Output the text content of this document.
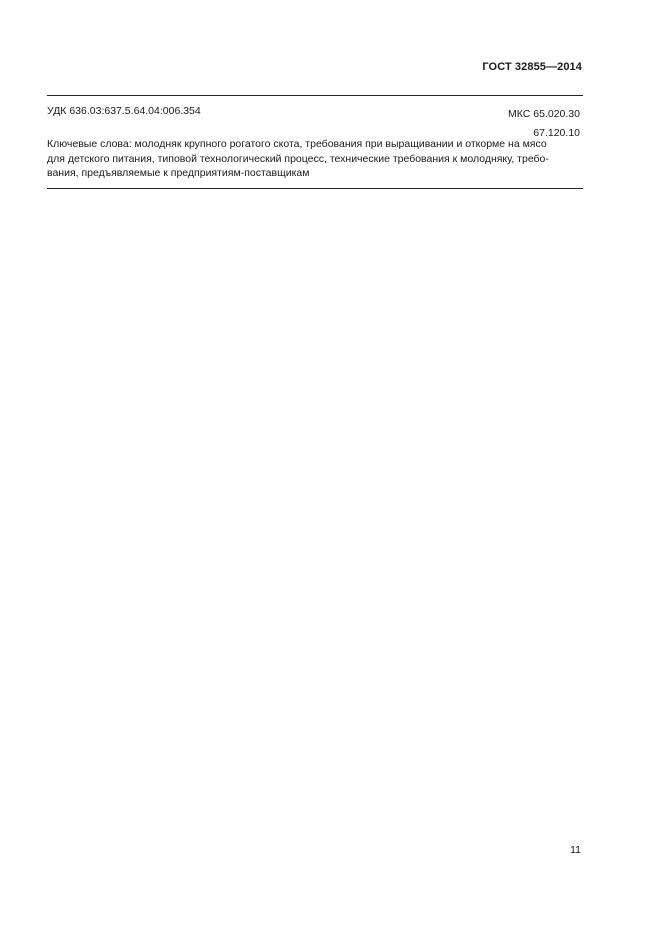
ГОСТ 32855—2014
УДК 636.03:637.5.64.04:006.354	МКС 65.020.30
67.120.10
Ключевые слова: молодняк крупного рогатого скота, требования при выращивании и откорме на мясо
для детского питания, типовой технологический процесс, технические требования к молодняку, требо-
вания, предъявляемые к предприятиям-поставщикам
11
